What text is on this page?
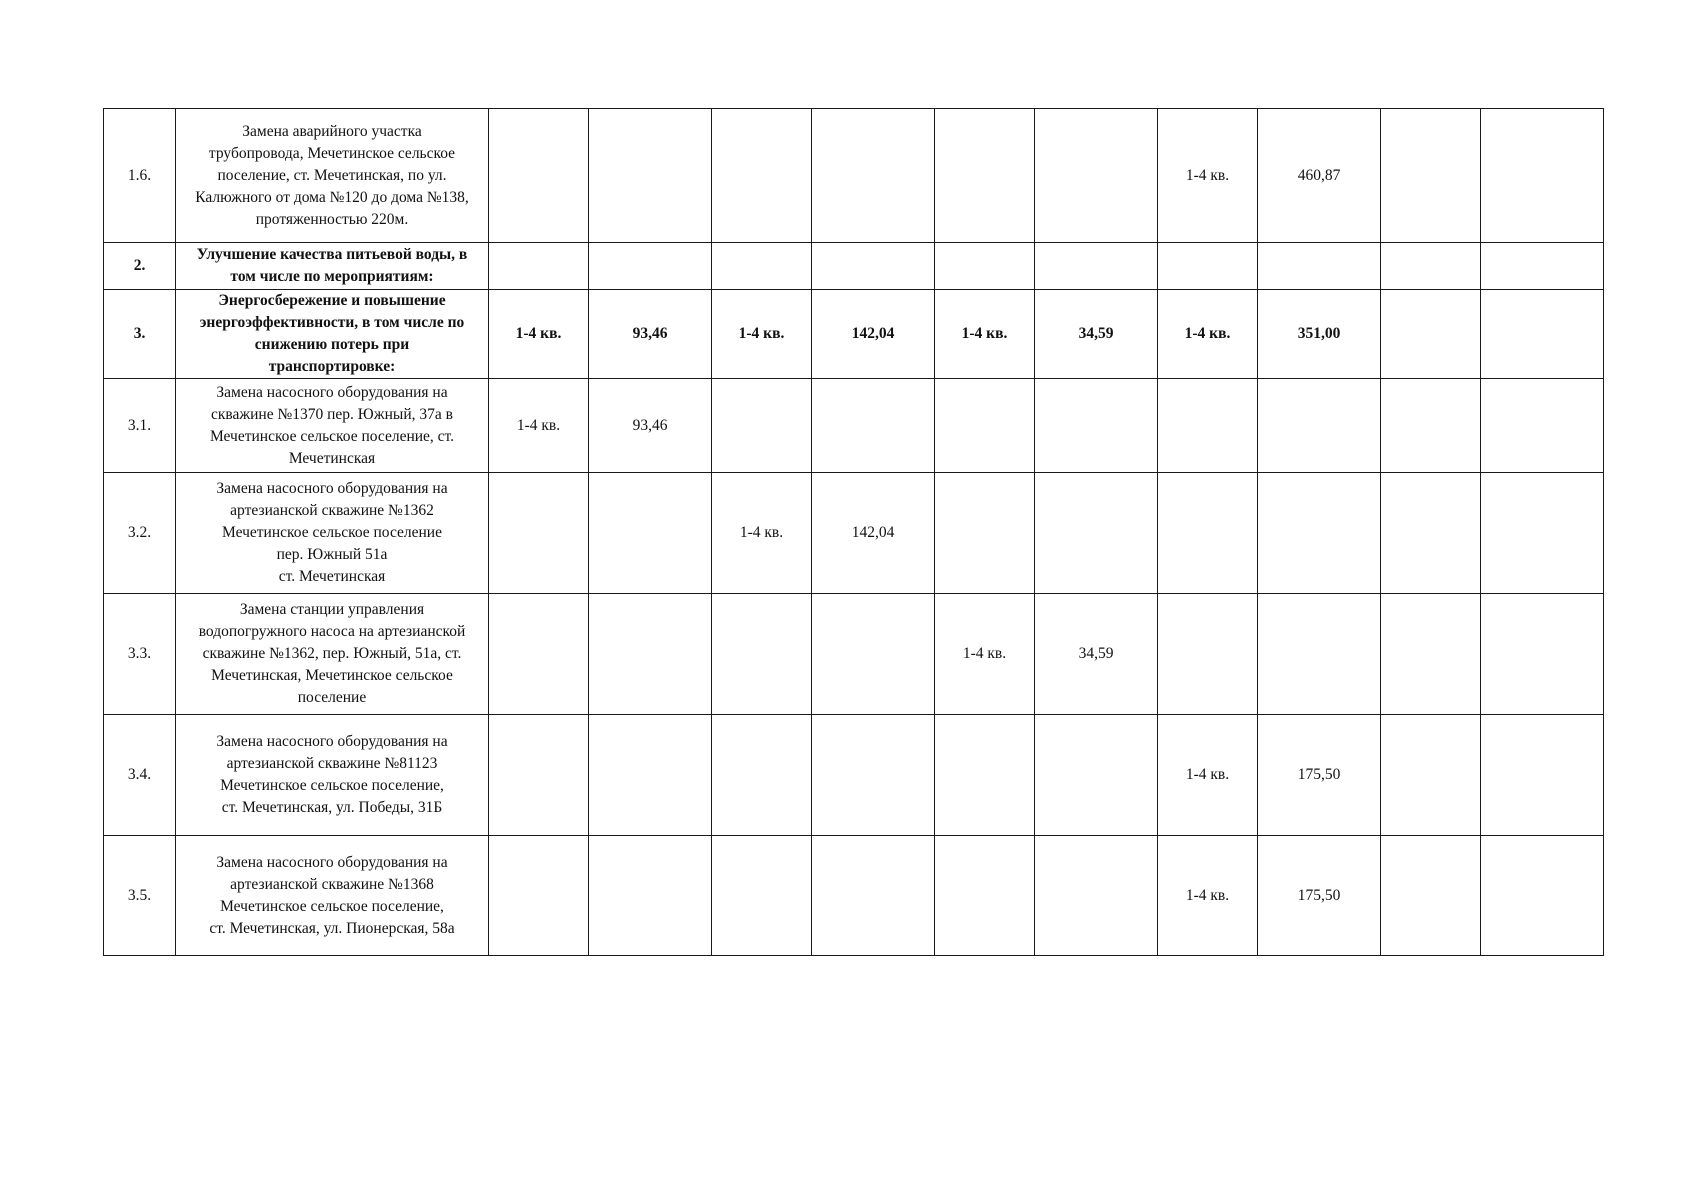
1.6.	Замена аварийного участка
трубопровода, Мечетинское сельское
поселение, ст. Мечетинская, по ул.
Калюжного от дома №120 до дома №138,
протяженностью 220м.							1-4 кв.	460,87		
2.	Улучшение качества питьевой воды, в
том числе по мероприятиям:										
3.	Энергосбережение и повышение
энергоэффективности, в том числе по
снижению потерь при
транспортировке:	1-4 кв.	93,46	1-4 кв.	142,04	1-4 кв.	34,59	1-4 кв.	351,00		
3.1.	Замена насосного оборудования на
скважине №1370 пер. Южный, 37а в
Мечетинское сельское поселение, ст.
Мечетинская	1-4 кв.	93,46								
3.2.	Замена насосного оборудования на
артезианской скважине №1362
Мечетинское сельское поселение
пер. Южный 51а
ст. Мечетинская			1-4 кв.	142,04						
3.3.	Замена станции управления
водопогружного насоса на артезианской
скважине №1362, пер. Южный, 51а, ст.
Мечетинская, Мечетинское сельское
поселение					1-4 кв.	34,59				
3.4.	Замена насосного оборудования на
артезианской скважине №81123
Мечетинское сельское поселение,
ст. Мечетинская, ул. Победы, 31Б							1-4 кв.	175,50		
3.5.	Замена насосного оборудования на
артезианской скважине №1368
Мечетинское сельское поселение,
ст. Мечетинская, ул. Пионерская, 58а							1-4 кв.	175,50		
